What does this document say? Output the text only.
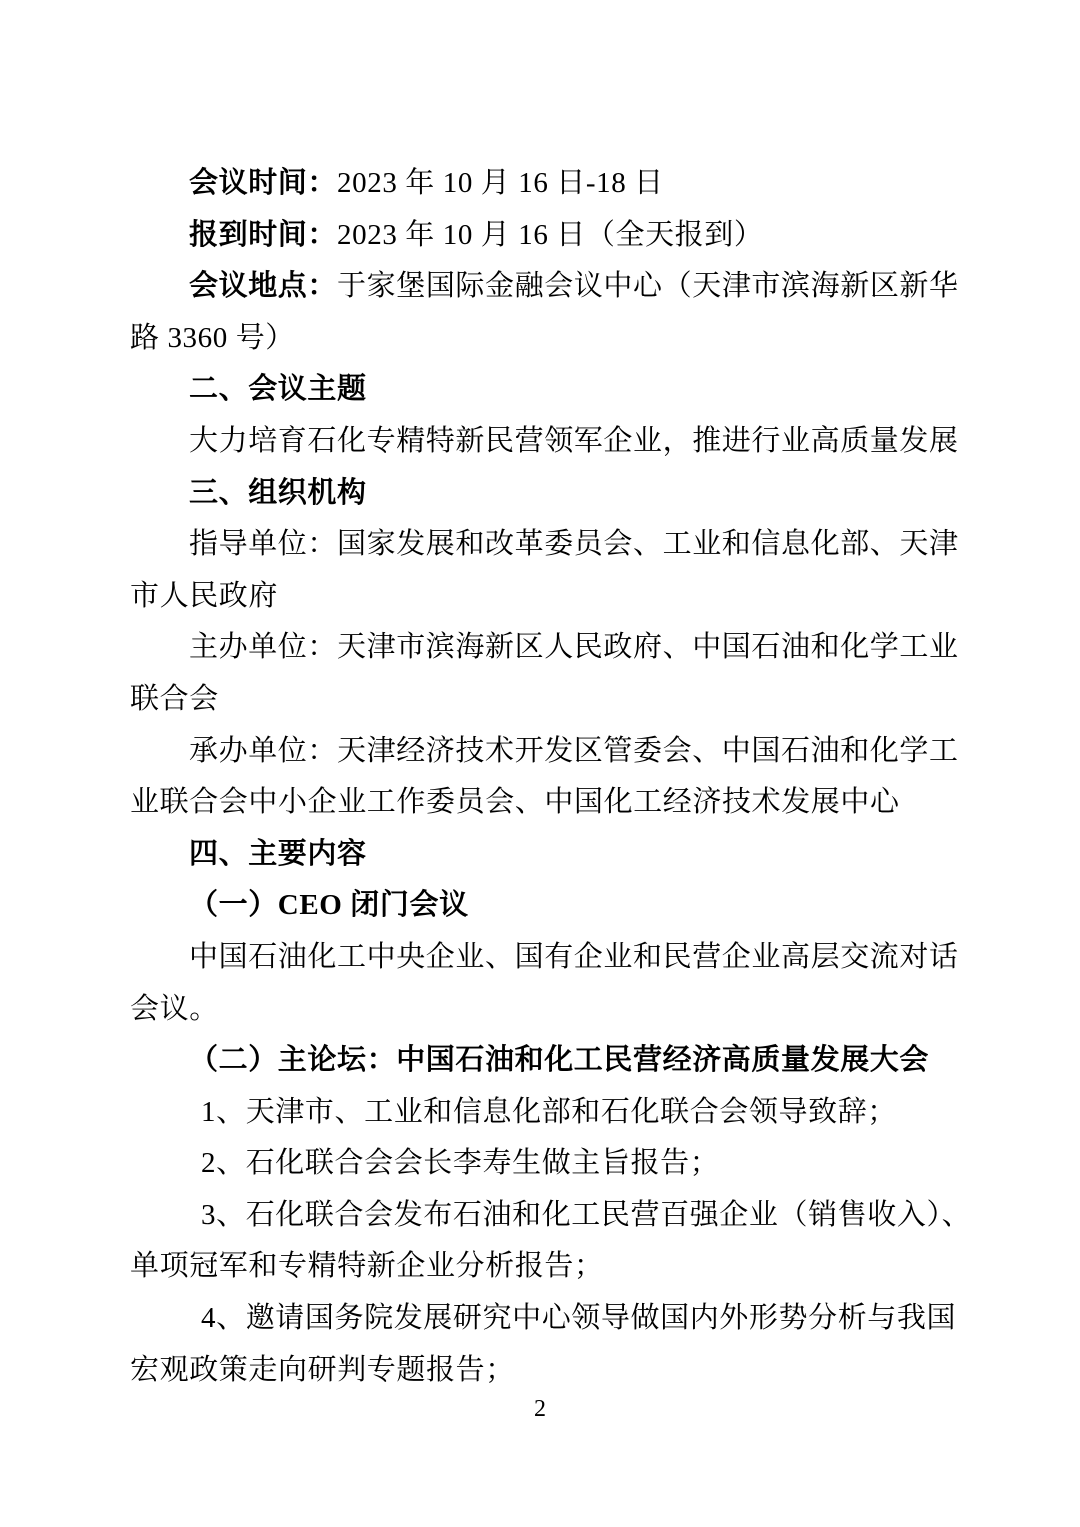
会议时间：2023 年 10 月 16 日-18 日
报到时间：2023 年 10 月 16 日（全天报到）
会议地点：于家堡国际金融会议中心（天津市滨海新区新华
路 3360 号）
二、会议主题
大力培育石化专精特新民营领军企业，推进行业高质量发展
三、组织机构
指导单位：国家发展和改革委员会、工业和信息化部、天津
市人民政府
主办单位：天津市滨海新区人民政府、中国石油和化学工业
联合会
承办单位：天津经济技术开发区管委会、中国石油和化学工
业联合会中小企业工作委员会、中国化工经济技术发展中心
四、主要内容
（一）CEO 闭门会议
中国石油化工中央企业、国有企业和民营企业高层交流对话
会议。
（二）主论坛：中国石油和化工民营经济高质量发展大会
1、天津市、工业和信息化部和石化联合会领导致辞；
2、石化联合会会长李寿生做主旨报告；
3、石化联合会发布石油和化工民营百强企业（销售收入）、
单项冠军和专精特新企业分析报告；
4、邀请国务院发展研究中心领导做国内外形势分析与我国
宏观政策走向研判专题报告；
2
